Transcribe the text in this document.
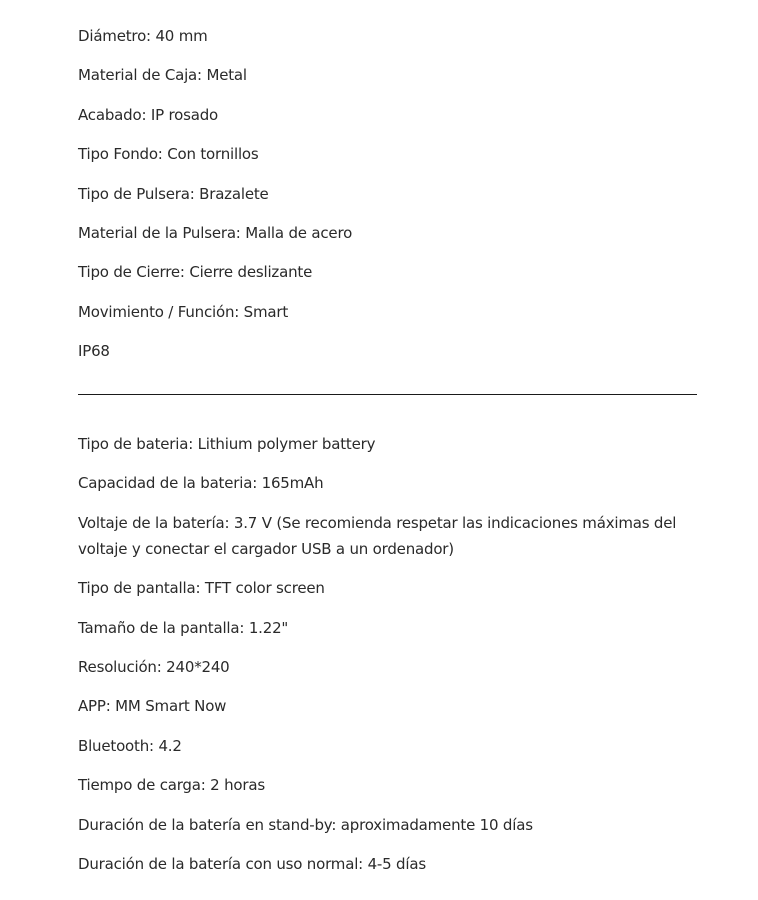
Diámetro: 40 mm
Material de Caja: Metal
Acabado: IP rosado
Tipo Fondo: Con tornillos
Tipo de Pulsera: Brazalete
Material de la Pulsera: Malla de acero
Tipo de Cierre: Cierre deslizante
Movimiento / Función: Smart
IP68
Tipo de bateria: Lithium polymer battery
Capacidad de la bateria: 165mAh
Voltaje de la batería: 3.7 V (Se recomienda respetar las indicaciones máximas del voltaje y conectar el cargador USB a un ordenador)
Tipo de pantalla: TFT color screen
Tamaño de la pantalla: 1.22"
Resolución: 240*240
APP: MM Smart Now
Bluetooth: 4.2
Tiempo de carga: 2 horas
Duración de la batería en stand-by: aproximadamente 10 días
Duración de la batería con uso normal: 4-5 días
